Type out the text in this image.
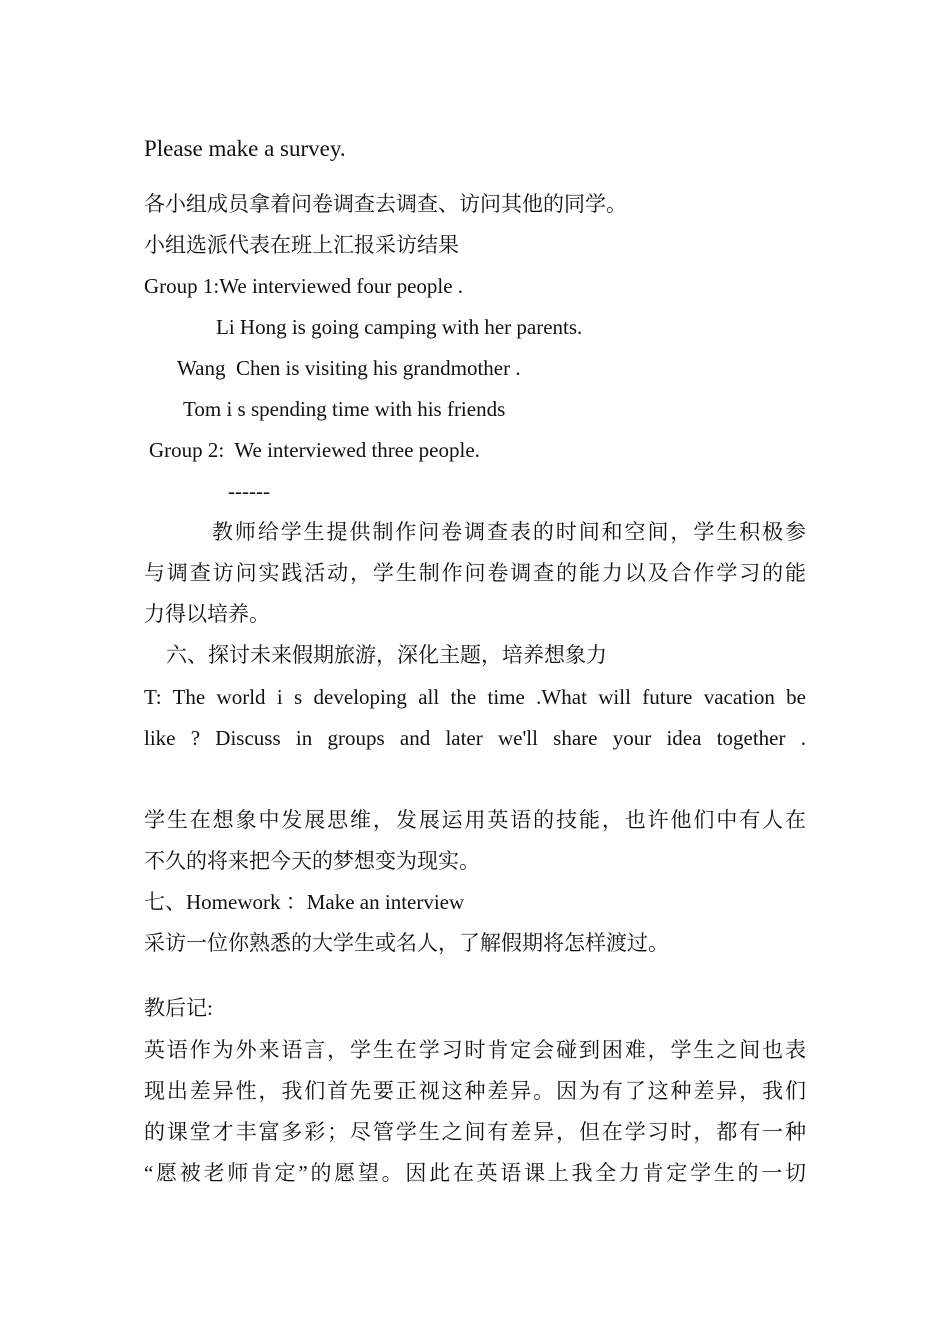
Please make a survey.
各小组成员拿着问卷调查去调查、访问其他的同学。
小组选派代表在班上汇报采访结果
Group 1:We interviewed four people .
Li Hong is going camping with her parents.
Wang  Chen is visiting his grandmother .
Tom i s spending time with his friends
Group 2:  We interviewed three people.
------
教师给学生提供制作问卷调查表的时间和空间，学生积极参
与调查访问实践活动，学生制作问卷调查的能力以及合作学习的能
力得以培养。
六、探讨未来假期旅游，深化主题，培养想象力
T: The world i s developing all the time .What will future vacation be
like ? Discuss in groups and later we'll share your idea together .
学生在想象中发展思维，发展运用英语的技能，也许他们中有人在
不久的将来把今天的梦想变为现实。
七、Homework ：Make an interview
采访一位你熟悉的大学生或名人，了解假期将怎样渡过。
教后记:
英语作为外来语言，学生在学习时肯定会碰到困难，学生之间也表
现出差异性，我们首先要正视这种差异。因为有了这种差异，我们
的课堂才丰富多彩；尽管学生之间有差异，但在学习时，都有一种
“愿被老师肯定”的愿望。因此在英语课上我全力肯定学生的一切
